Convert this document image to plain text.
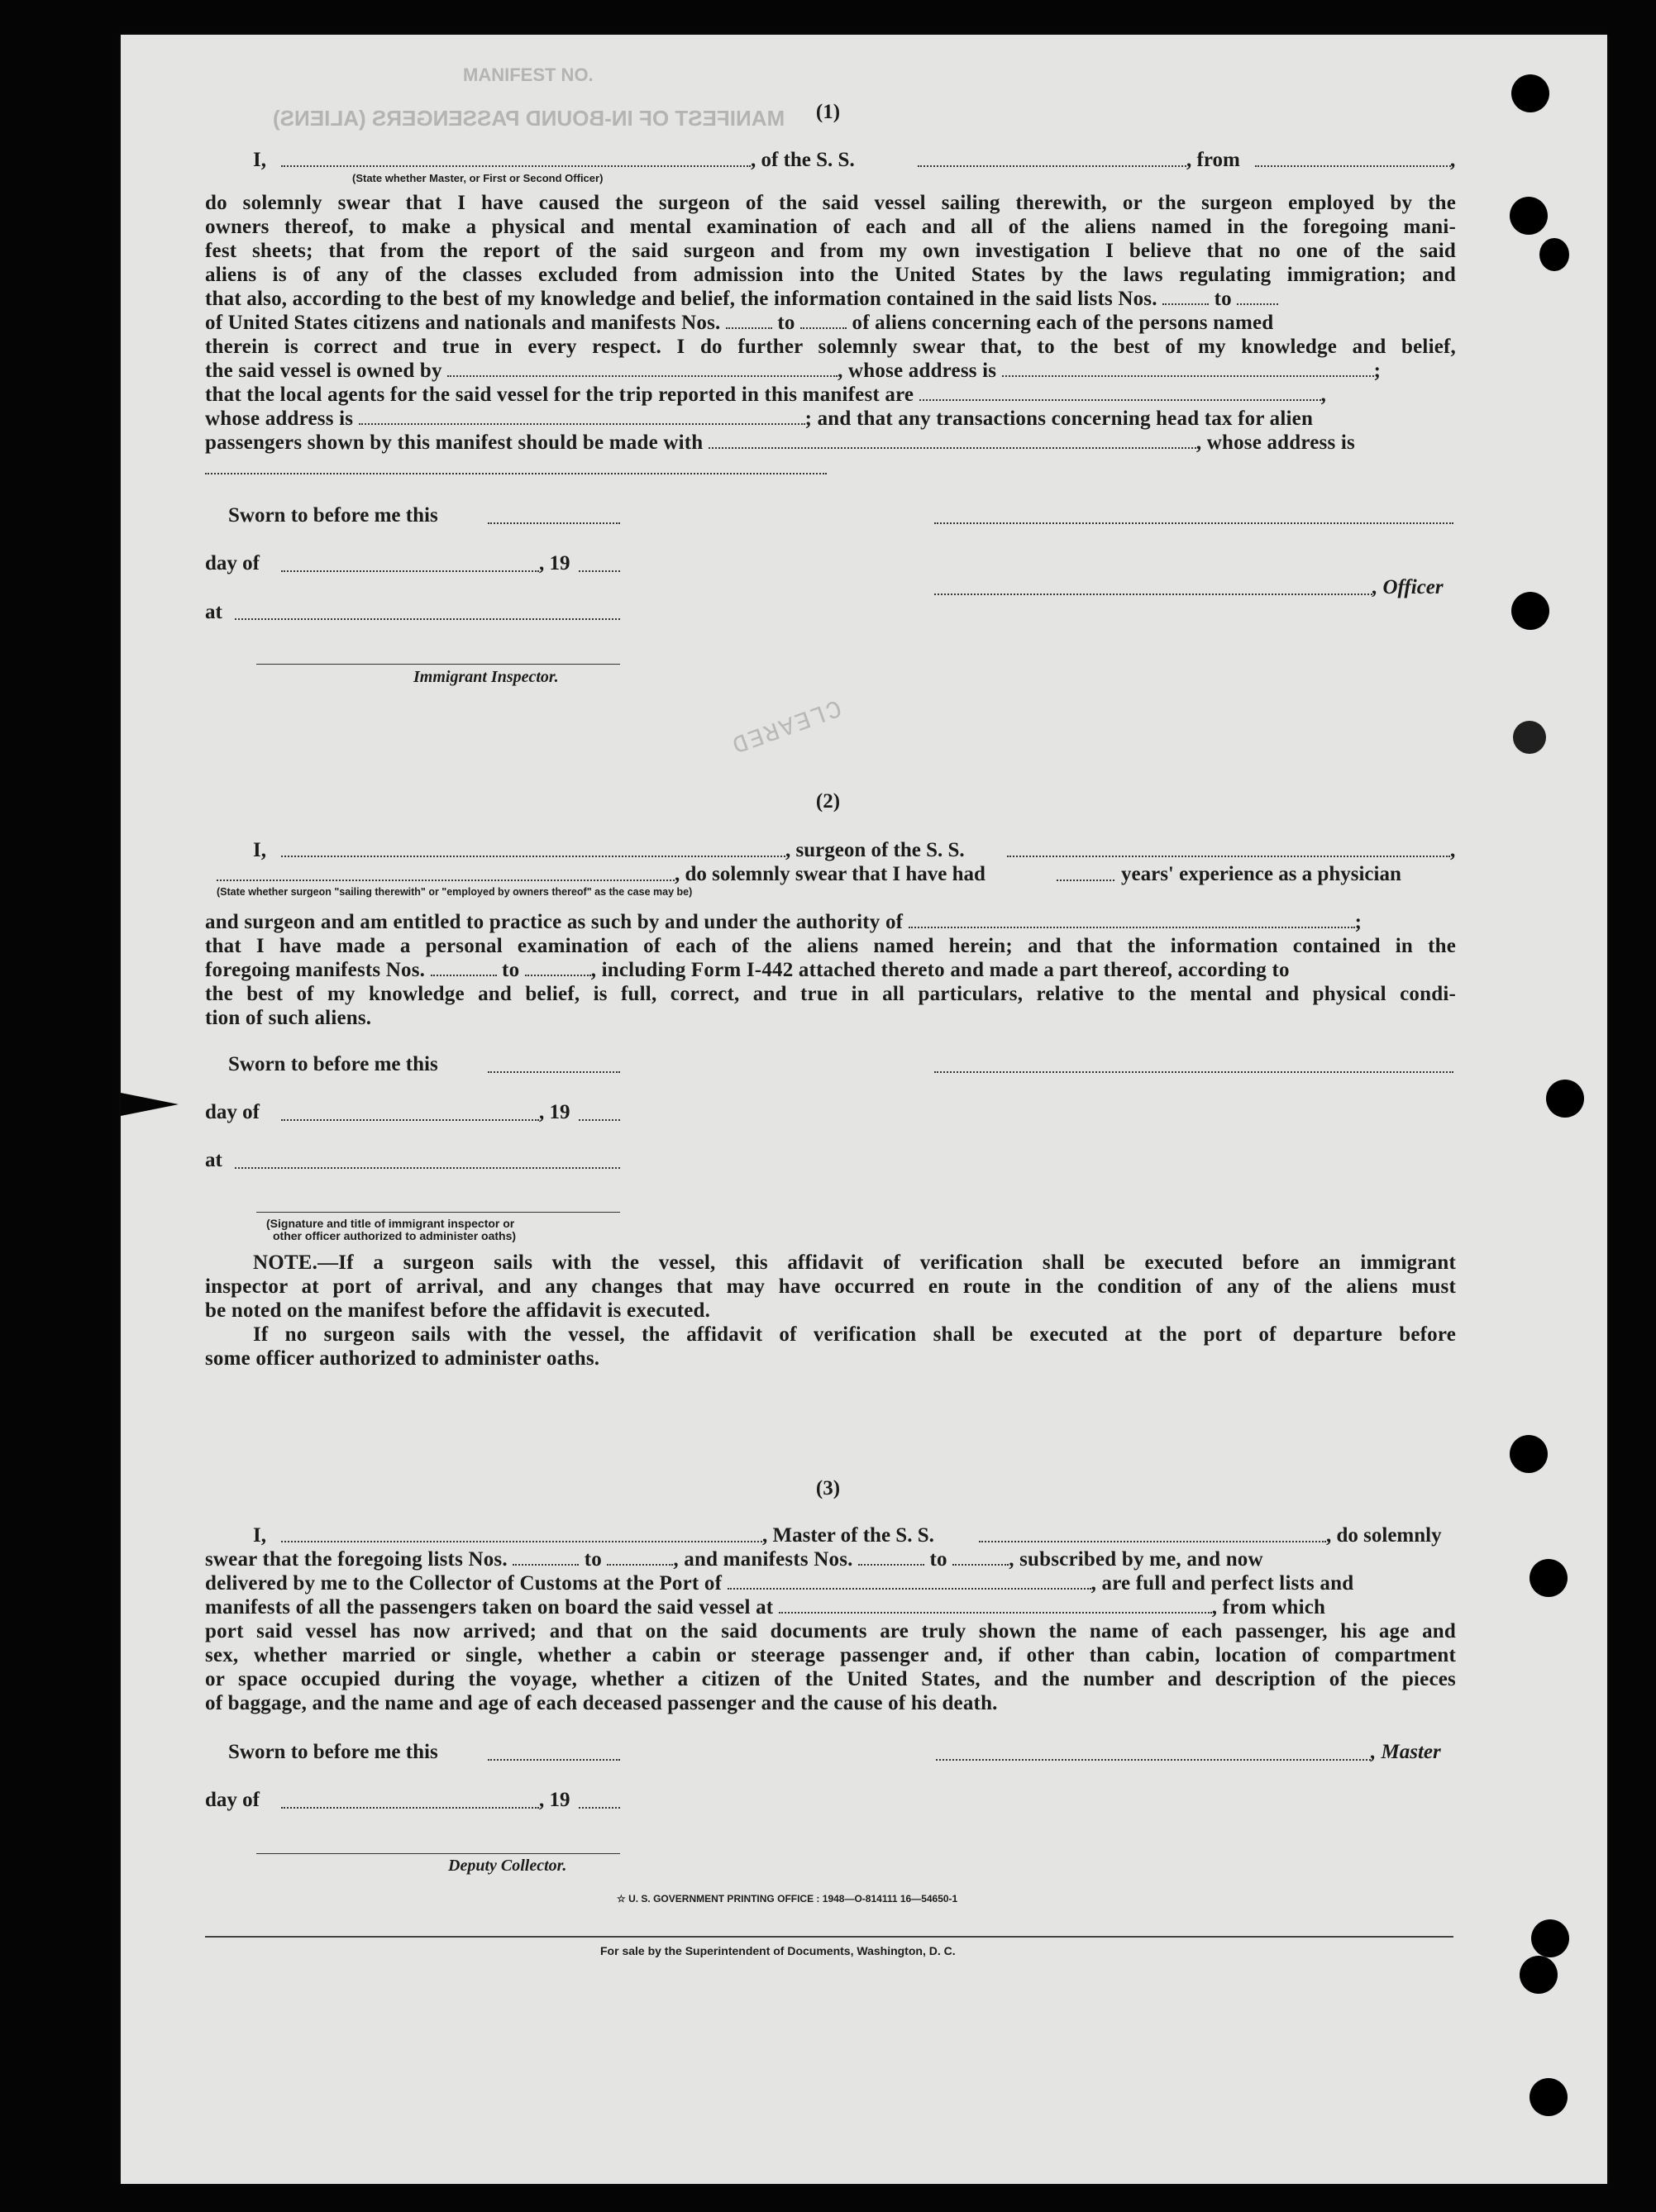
MANIFEST NO.
MANIFEST OF IN-BOUND PASSENGERS (ALIENS)
CLEARED
(1)
I,	, of the S. S.	, from	,
(State whether Master, or First or Second Officer)
do solemnly swear that I have caused the surgeon of the said vessel sailing therewith, or the surgeon employed by the
owners thereof, to make a physical and mental examination of each and all of the aliens named in the foregoing mani-
fest sheets; that from the report of the said surgeon and from my own investigation I believe that no one of the said
aliens is of any of the classes excluded from admission into the United States by the laws regulating immigration; and
that also, according to the best of my knowledge and belief, the information contained in the said lists Nos.	to
of United States citizens and nationals and manifests Nos.	to	of aliens concerning each of the persons named
therein is correct and true in every respect. I do further solemnly swear that, to the best of my knowledge and belief,
the said vessel is owned by	, whose address is	;
that the local agents for the said vessel for the trip reported in this manifest are	,
whose address is	; and that any transactions concerning head tax for alien
passengers shown by this manifest should be made with	, whose address is
Sworn to before me this
day of	, 19
, Officer
at
Immigrant Inspector.
(2)
I,	, surgeon of the S. S.	,
, do solemnly swear that I have had	years' experience as a physician
(State whether surgeon "sailing therewith" or "employed by owners thereof" as the case may be)
and surgeon and am entitled to practice as such by and under the authority of	;
that I have made a personal examination of each of the aliens named herein; and that the information contained in the
foregoing manifests Nos.	to	, including Form I-442 attached thereto and made a part thereof, according to
the best of my knowledge and belief, is full, correct, and true in all particulars, relative to the mental and physical condi-
tion of such aliens.
Sworn to before me this
day of	, 19
at
(Signature and title of immigrant inspector or
other officer authorized to administer oaths)
NOTE.—If a surgeon sails with the vessel, this affidavit of verification shall be executed before an immigrant
inspector at port of arrival, and any changes that may have occurred en route in the condition of any of the aliens must
be noted on the manifest before the affidavit is executed.
If no surgeon sails with the vessel, the affidavit of verification shall be executed at the port of departure before
some officer authorized to administer oaths.
(3)
I,	, Master of the S. S.	, do solemnly
swear that the foregoing lists Nos.	to	, and manifests Nos.	to	, subscribed by me, and now
delivered by me to the Collector of Customs at the Port of	, are full and perfect lists and
manifests of all the passengers taken on board the said vessel at	, from which
port said vessel has now arrived; and that on the said documents are truly shown the name of each passenger, his age and
sex, whether married or single, whether a cabin or steerage passenger and, if other than cabin, location of compartment
or space occupied during the voyage, whether a citizen of the United States, and the number and description of the pieces
of baggage, and the name and age of each deceased passenger and the cause of his death.
Sworn to before me this	, Master
day of	, 19
Deputy Collector.
☆ U. S. GOVERNMENT PRINTING OFFICE : 1948—O-814111 16—54650-1
For sale by the Superintendent of Documents, Washington, D. C.
